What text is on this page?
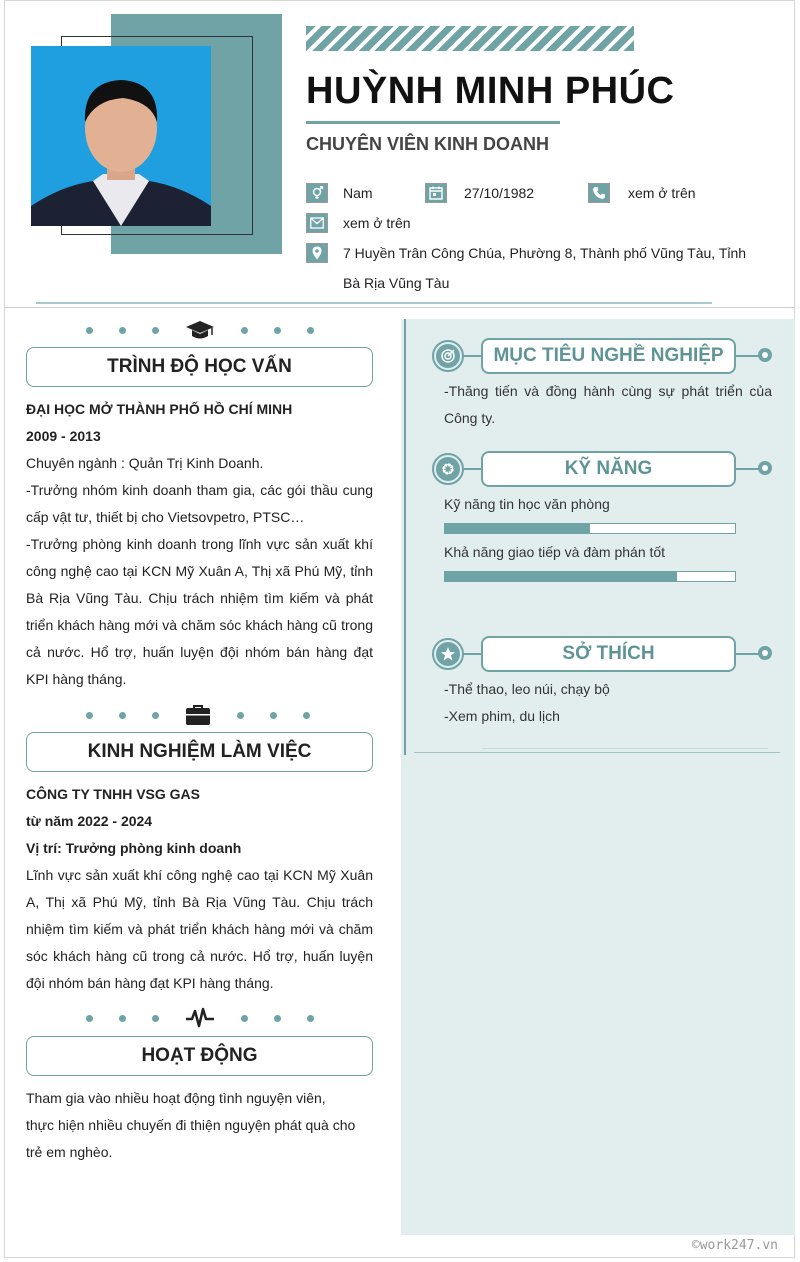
HUỲNH MINH PHÚC
CHUYÊN VIÊN KINH DOANH
Nam	27/10/1982	xem ở trên
xem ở trên
7 Huyền Trân Công Chúa, Phường 8, Thành phố Vũng Tàu, Tỉnh
Bà Rịa Vũng Tàu
TRÌNH ĐỘ HỌC VẤN
ĐẠI HỌC MỞ THÀNH PHỐ HỒ CHÍ MINH
2009 - 2013
Chuyên ngành : Quản Trị Kinh Doanh.
-Trưởng nhóm kinh doanh tham gia, các gói thầu cung cấp vật tư, thiết bị cho Vietsovpetro, PTSC…
-Trưởng phòng kinh doanh trong lĩnh vực sản xuất khí công nghệ cao tại KCN Mỹ Xuân A, Thị xã Phú Mỹ, tỉnh Bà Rịa Vũng Tàu. Chịu trách nhiệm tìm kiếm và phát triển khách hàng mới và chăm sóc khách hàng cũ trong cả nước. Hổ trợ, huấn luyện đội nhóm bán hàng đạt KPI hàng tháng.
KINH NGHIỆM LÀM VIỆC
CÔNG TY TNHH VSG GAS
từ năm 2022 - 2024
Vị trí: Trưởng phòng kinh doanh
Lĩnh vực sản xuất khí công nghệ cao tại KCN Mỹ Xuân A, Thị xã Phú Mỹ, tỉnh Bà Rịa Vũng Tàu. Chịu trách nhiệm tìm kiếm và phát triển khách hàng mới và chăm sóc khách hàng cũ trong cả nước. Hổ trợ, huấn luyện đội nhóm bán hàng đạt KPI hàng tháng.
HOẠT ĐỘNG
Tham gia vào nhiều hoạt động tình nguyện viên, thực hiện nhiều chuyến đi thiện nguyện phát quà cho trẻ em nghèo.
MỤC TIÊU NGHỀ NGHIỆP
-Thăng tiến và đồng hành cùng sự phát triển của Công ty.
KỸ NĂNG
Kỹ năng tin học văn phòng
Khả năng giao tiếp và đàm phán tốt
SỞ THÍCH
-Thể thao, leo núi, chạy bộ
-Xem phim, du lịch
©work247.vn
